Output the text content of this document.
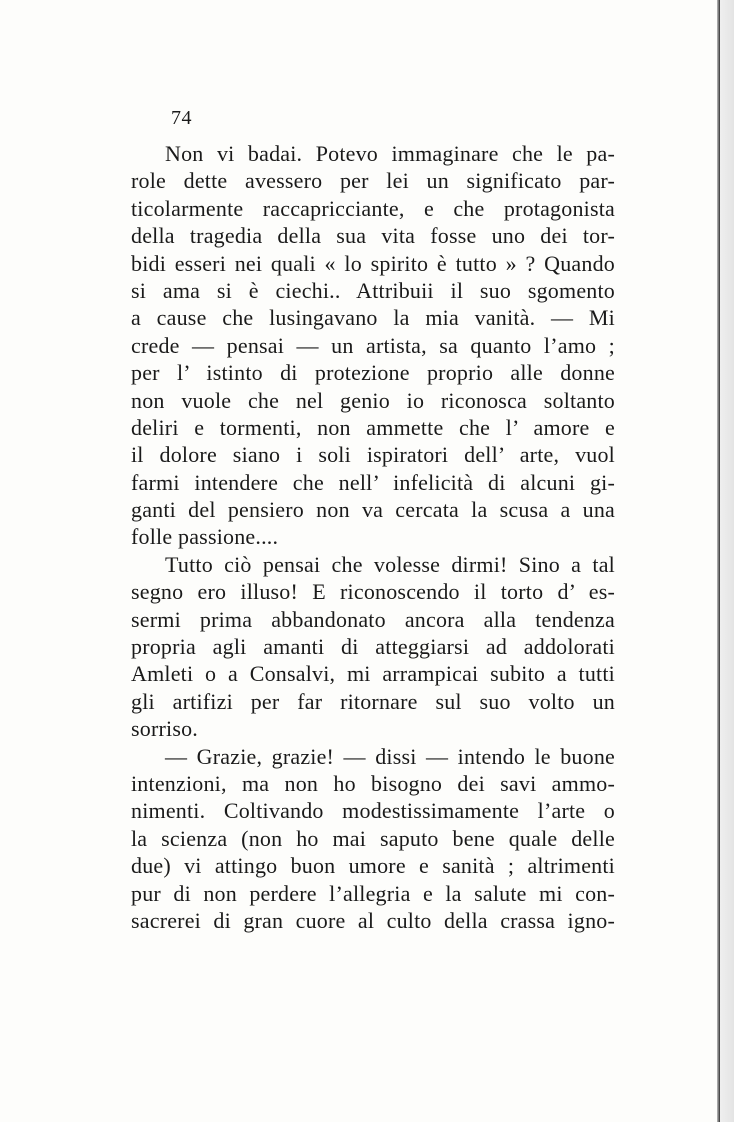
74
Non vi badai. Potevo immaginare che le pa-
role dette avessero per lei un significato par-
ticolarmente raccapricciante, e che protagonista
della tragedia della sua vita fosse uno dei tor-
bidi esseri nei quali « lo spirito è tutto » ? Quando
si ama si è ciechi.. Attribuii il suo sgomento
a cause che lusingavano la mia vanità. — Mi
crede — pensai — un artista, sa quanto l’amo ;
per l’ istinto di protezione proprio alle donne
non vuole che nel genio io riconosca soltanto
deliri e tormenti, non ammette che l’ amore e
il dolore siano i soli ispiratori dell’ arte, vuol
farmi intendere che nell’ infelicità di alcuni gi-
ganti del pensiero non va cercata la scusa a una
folle passione....
Tutto ciò pensai che volesse dirmi! Sino a tal
segno ero illuso! E riconoscendo il torto d’ es-
sermi prima abbandonato ancora alla tendenza
propria agli amanti di atteggiarsi ad addolorati
Amleti o a Consalvi, mi arrampicai subito a tutti
gli artifizi per far ritornare sul suo volto un
sorriso.
— Grazie, grazie! — dissi — intendo le buone
intenzioni, ma non ho bisogno dei savi ammo-
nimenti. Coltivando modestissimamente l’arte o
la scienza (non ho mai saputo bene quale delle
due) vi attingo buon umore e sanità ; altrimenti
pur di non perdere l’allegria e la salute mi con-
sacrerei di gran cuore al culto della crassa igno-
